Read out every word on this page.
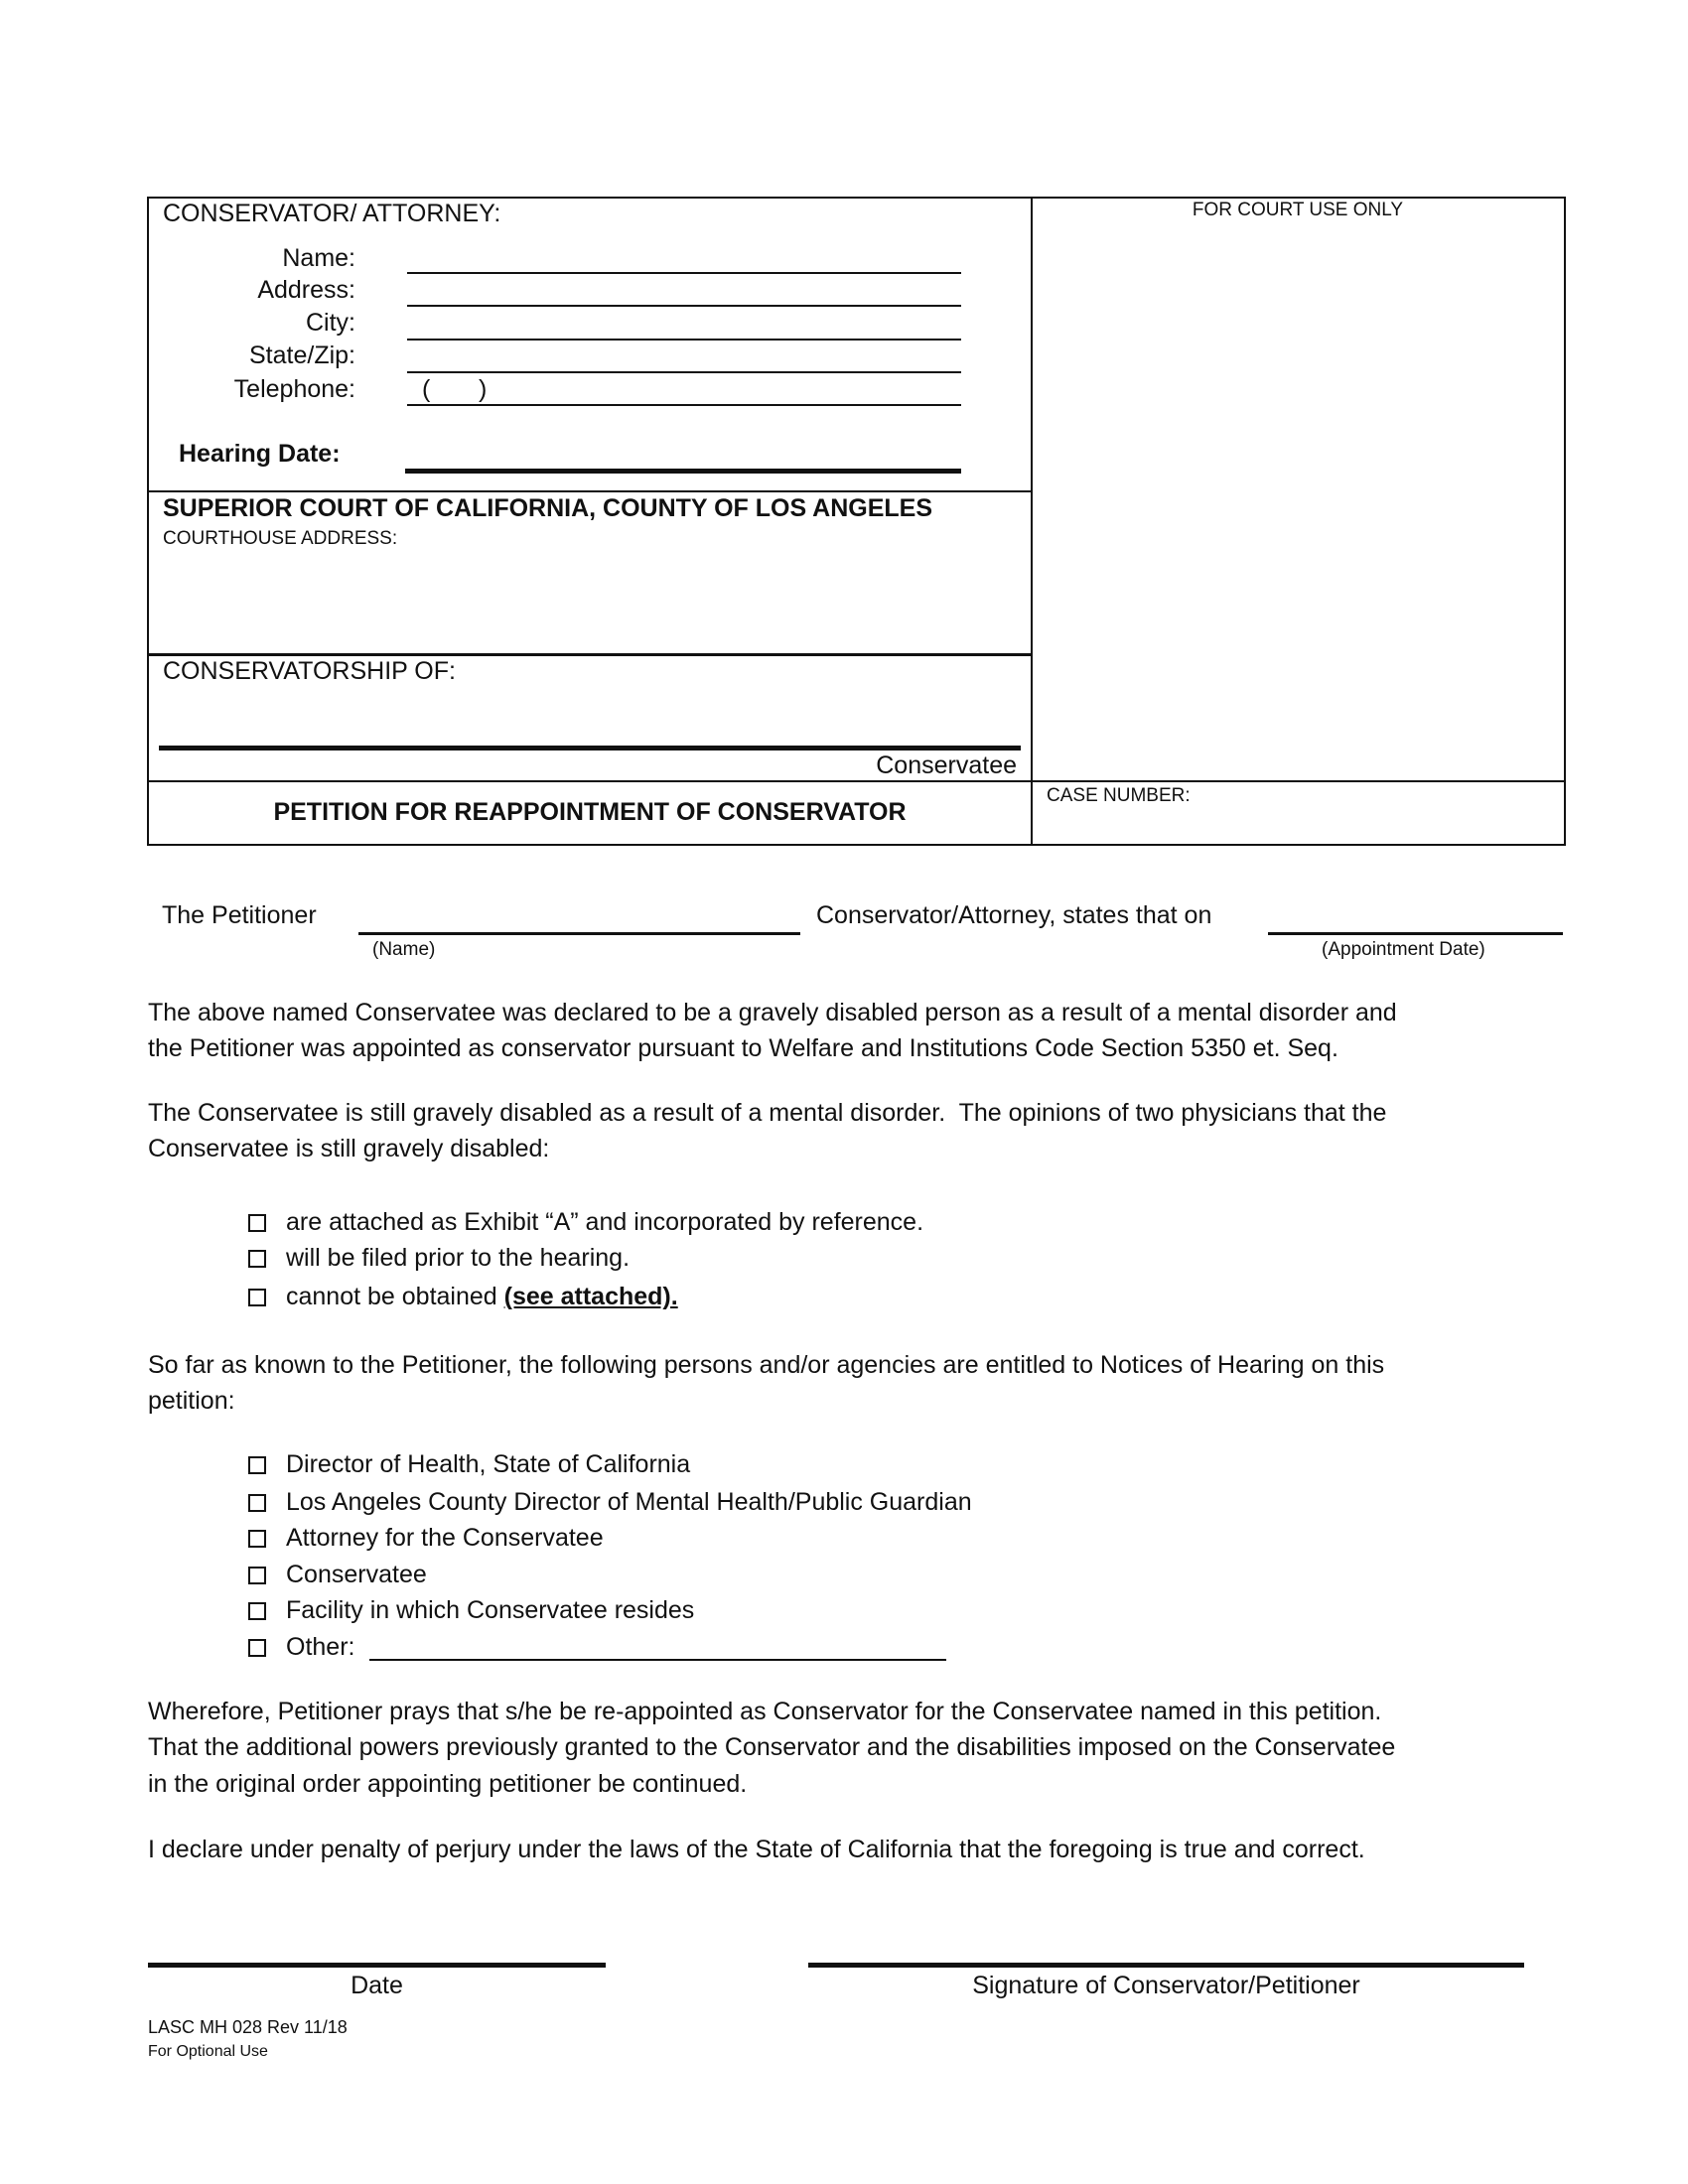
CONSERVATOR/ ATTORNEY:	FOR COURT USE ONLY
Name:
Address:
City:
State/Zip:
Telephone:	(       )
Hearing Date:
SUPERIOR COURT OF CALIFORNIA, COUNTY OF LOS ANGELES
COURTHOUSE ADDRESS:
CONSERVATORSHIP OF:
Conservatee
PETITION FOR REAPPOINTMENT OF CONSERVATOR
CASE NUMBER:
The Petitioner
(Name)
Conservator/Attorney, states that on
(Appointment Date)
The above named Conservatee was declared to be a gravely disabled person as a result of a mental disorder and
the Petitioner was appointed as conservator pursuant to Welfare and Institutions Code Section 5350 et. Seq.
The Conservatee is still gravely disabled as a result of a mental disorder.  The opinions of two physicians that the
Conservatee is still gravely disabled:
are attached as Exhibit “A” and incorporated by reference.
will be filed prior to the hearing.
cannot be obtained (see attached).
So far as known to the Petitioner, the following persons and/or agencies are entitled to Notices of Hearing on this
petition:
Director of Health, State of California
Los Angeles County Director of Mental Health/Public Guardian
Attorney for the Conservatee
Conservatee
Facility in which Conservatee resides
Other:
Wherefore, Petitioner prays that s/he be re-appointed as Conservator for the Conservatee named in this petition.
That the additional powers previously granted to the Conservator and the disabilities imposed on the Conservatee
in the original order appointing petitioner be continued.
I declare under penalty of perjury under the laws of the State of California that the foregoing is true and correct.
Date	Signature of Conservator/Petitioner
LASC MH 028 Rev 11/18
For Optional Use
